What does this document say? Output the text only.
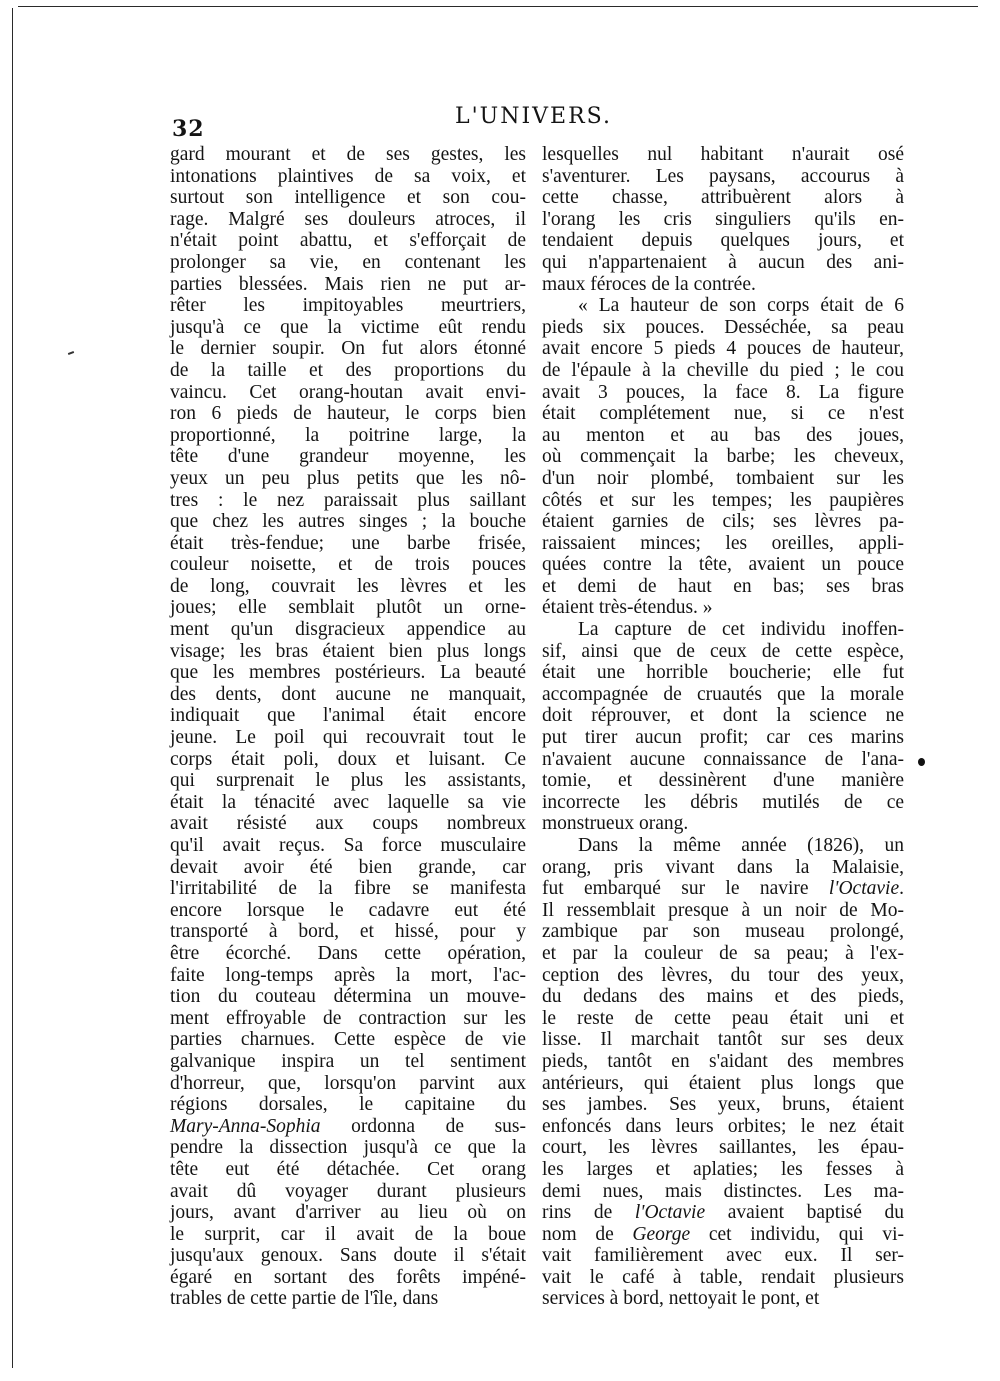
32	L'UNIVERS.
gard mourant et de ses gestes, les
intonations plaintives de sa voix, et
surtout son intelligence et son cou-
rage. Malgré ses douleurs atroces, il
n'était point abattu, et s'efforçait de
prolonger sa vie, en contenant les
parties blessées. Mais rien ne put ar-
rêter les impitoyables meurtriers,
jusqu'à ce que la victime eût rendu
le dernier soupir. On fut alors étonné
de la taille et des proportions du
vaincu. Cet orang-houtan avait envi-
ron 6 pieds de hauteur, le corps bien
proportionné, la poitrine large, la
tête d'une grandeur moyenne, les
yeux un peu plus petits que les nô-
tres : le nez paraissait plus saillant
que chez les autres singes ; la bouche
était très-fendue; une barbe frisée,
couleur noisette, et de trois pouces
de long, couvrait les lèvres et les
joues; elle semblait plutôt un orne-
ment qu'un disgracieux appendice au
visage; les bras étaient bien plus longs
que les membres postérieurs. La beauté
des dents, dont aucune ne manquait,
indiquait que l'animal était encore
jeune. Le poil qui recouvrait tout le
corps était poli, doux et luisant. Ce
qui surprenait le plus les assistants,
était la ténacité avec laquelle sa vie
avait résisté aux coups nombreux
qu'il avait reçus. Sa force musculaire
devait avoir été bien grande, car
l'irritabilité de la fibre se manifesta
encore lorsque le cadavre eut été
transporté à bord, et hissé, pour y
être écorché. Dans cette opération,
faite long-temps après la mort, l'ac-
tion du couteau détermina un mouve-
ment effroyable de contraction sur les
parties charnues. Cette espèce de vie
galvanique inspira un tel sentiment
d'horreur, que, lorsqu'on parvint aux
régions dorsales, le capitaine du
Mary-Anna-Sophia ordonna de sus-
pendre la dissection jusqu'à ce que la
tête eut été détachée. Cet orang
avait dû voyager durant plusieurs
jours, avant d'arriver au lieu où on
le surprit, car il avait de la boue
jusqu'aux genoux. Sans doute il s'était
égaré en sortant des forêts impéné-
trables de cette partie de l'île, dans
lesquelles nul habitant n'aurait osé
s'aventurer. Les paysans, accourus à
cette chasse, attribuèrent alors à
l'orang les cris singuliers qu'ils en-
tendaient depuis quelques jours, et
qui n'appartenaient à aucun des ani-
maux féroces de la contrée.
« La hauteur de son corps était de 6
pieds six pouces. Desséchée, sa peau
avait encore 5 pieds 4 pouces de hauteur,
de l'épaule à la cheville du pied ; le cou
avait 3 pouces, la face 8. La figure
était complétement nue, si ce n'est
au menton et au bas des joues,
où commençait la barbe; les cheveux,
d'un noir plombé, tombaient sur les
côtés et sur les tempes; les paupières
étaient garnies de cils; ses lèvres pa-
raissaient minces; les oreilles, appli-
quées contre la tête, avaient un pouce
et demi de haut en bas; ses bras
étaient très-étendus. »
La capture de cet individu inoffen-
sif, ainsi que de ceux de cette espèce,
était une horrible boucherie; elle fut
accompagnée de cruautés que la morale
doit réprouver, et dont la science ne
put tirer aucun profit; car ces marins
n'avaient aucune connaissance de l'ana-
tomie, et dessinèrent d'une manière
incorrecte les débris mutilés de ce
monstrueux orang.
Dans la même année (1826), un
orang, pris vivant dans la Malaisie,
fut embarqué sur le navire l'Octavie.
Il ressemblait presque à un noir de Mo-
zambique par son museau prolongé,
et par la couleur de sa peau; à l'ex-
ception des lèvres, du tour des yeux,
du dedans des mains et des pieds,
le reste de cette peau était uni et
lisse. Il marchait tantôt sur ses deux
pieds, tantôt en s'aidant des membres
antérieurs, qui étaient plus longs que
ses jambes. Ses yeux, bruns, étaient
enfoncés dans leurs orbites; le nez était
court, les lèvres saillantes, les épau-
les larges et aplaties; les fesses à
demi nues, mais distinctes. Les ma-
rins de l'Octavie avaient baptisé du
nom de George cet individu, qui vi-
vait familièrement avec eux. Il ser-
vait le café à table, rendait plusieurs
services à bord, nettoyait le pont, et
